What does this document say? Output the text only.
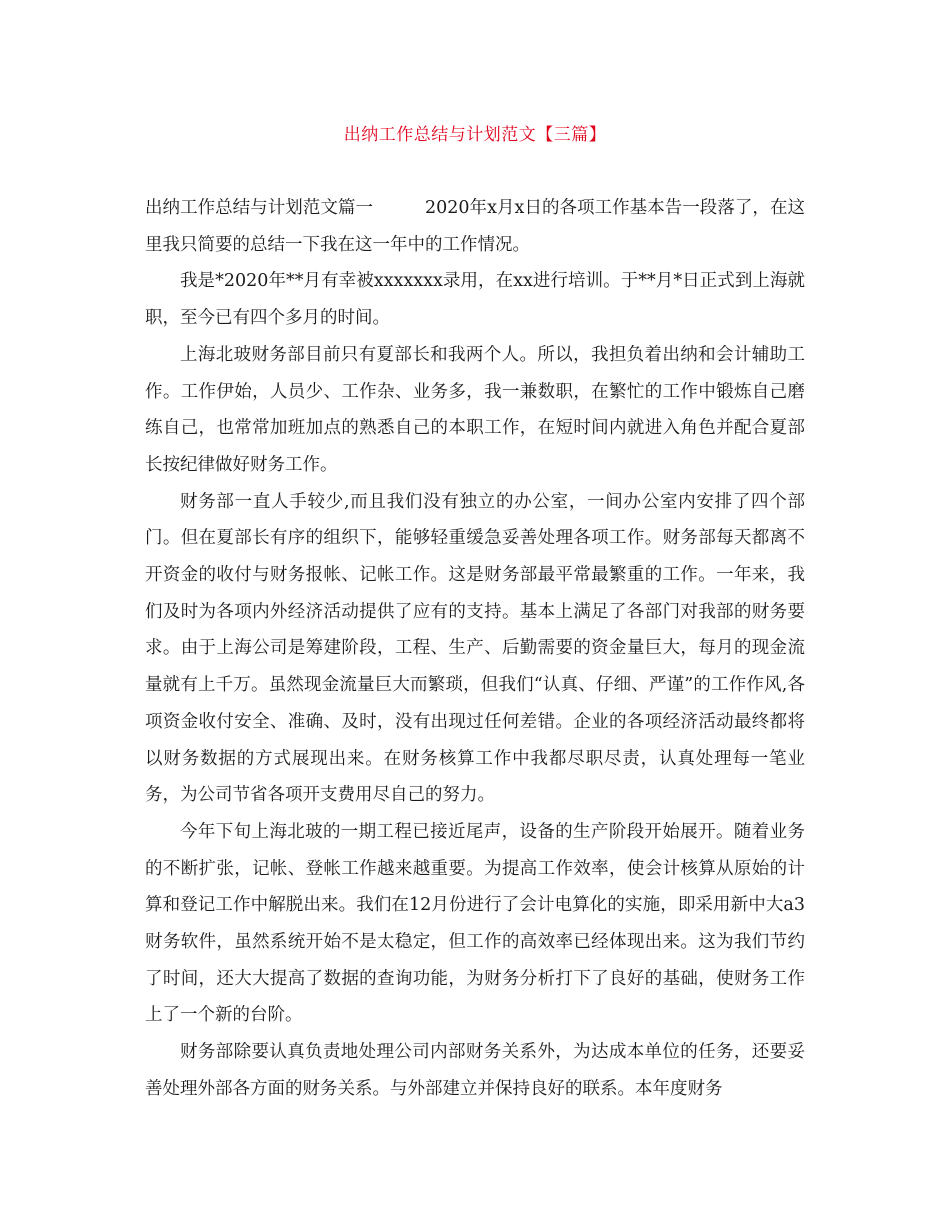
出纳工作总结与计划范文【三篇】

出纳工作总结与计划范文篇一	2020年x月x日的各项工作基本告一段落了，在这里我只简要的总结一下我在这一年中的工作情况。

我是*2020年**月有幸被xxxxxxx录用，在xx进行培训。于**月*日正式到上海就职，至今已有四个多月的时间。

上海北玻财务部目前只有夏部长和我两个人。所以，我担负着出纳和会计辅助工作。工作伊始，人员少、工作杂、业务多，我一兼数职，在繁忙的工作中锻炼自己磨练自己，也常常加班加点的熟悉自己的本职工作，在短时间内就进入角色并配合夏部长按纪律做好财务工作。

财务部一直人手较少,而且我们没有独立的办公室，一间办公室内安排了四个部门。但在夏部长有序的组织下，能够轻重缓急妥善处理各项工作。财务部每天都离不开资金的收付与财务报帐、记帐工作。这是财务部最平常最繁重的工作。一年来，我们及时为各项内外经济活动提供了应有的支持。基本上满足了各部门对我部的财务要求。由于上海公司是筹建阶段，工程、生产、后勤需要的资金量巨大，每月的现金流量就有上千万。虽然现金流量巨大而繁琐，但我们“认真、仔细、严谨”的工作作风,各项资金收付安全、准确、及时，没有出现过任何差错。企业的各项经济活动最终都将以财务数据的方式展现出来。在财务核算工作中我都尽职尽责，认真处理每一笔业务，为公司节省各项开支费用尽自己的努力。

今年下旬上海北玻的一期工程已接近尾声，设备的生产阶段开始展开。随着业务的不断扩张，记帐、登帐工作越来越重要。为提高工作效率，使会计核算从原始的计算和登记工作中解脱出来。我们在12月份进行了会计电算化的实施，即采用新中大a3财务软件，虽然系统开始不是太稳定，但工作的高效率已经体现出来。这为我们节约了时间，还大大提高了数据的查询功能，为财务分析打下了良好的基础，使财务工作上了一个新的台阶。

财务部除要认真负责地处理公司内部财务关系外，为达成本单位的任务，还要妥善处理外部各方面的财务关系。与外部建立并保持良好的联系。本年度财务
